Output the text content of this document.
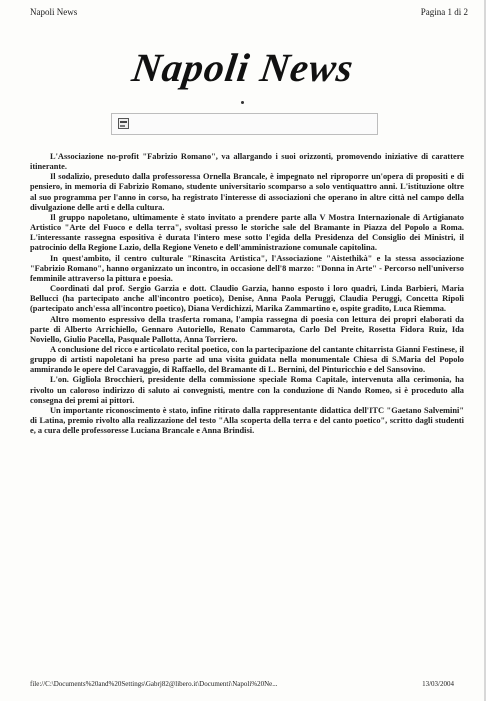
Napoli News	Pagina 1 di 2
Napoli News

L'Associazione no-profit "Fabrizio Romano", va allargando i suoi orizzonti, promovendo iniziative di carattere itinerante.

Il sodalizio, preseduto dalla professoressa Ornella Brancale, è impegnato nel riproporre un'opera di propositi e di pensiero, in memoria di Fabrizio Romano, studente universitario scomparso a solo ventiquattro anni. L'istituzione oltre al suo programma per l'anno in corso, ha registrato l'interesse di associazioni che operano in altre città nel campo della divulgazione delle arti e della cultura.

Il gruppo napoletano, ultimamente è stato invitato a prendere parte alla V Mostra Internazionale di Artigianato Artistico "Arte del Fuoco e della terra", svoltasi presso le storiche sale del Bramante in Piazza del Popolo a Roma. L'interessante rassegna espositiva è durata l'intero mese sotto l'egida della Presidenza del Consiglio dei Ministri, il patrocinio della Regione Lazio, della Regione Veneto e dell'amministrazione comunale capitolina.

In quest'ambito, il centro culturale "Rinascita Artistica", l'Associazione "Aistethikà" e la stessa associazione "Fabrizio Romano", hanno organizzato un incontro, in occasione dell'8 marzo: "Donna in Arte" - Percorso nell'universo femminile attraverso la pittura e poesia.

Coordinati dal prof. Sergio Garzia e dott. Claudio Garzia, hanno esposto i loro quadri, Linda Barbieri, Maria Bellucci (ha partecipato anche all'incontro poetico), Denise, Anna Paola Peruggi, Claudia Peruggi, Concetta Ripoli (partecipato anch'essa all'incontro poetico), Diana Verdichizzi, Marika Zammartino e, ospite gradito, Luca Riemma.

Altro momento espressivo della trasferta romana, l'ampia rassegna di poesia con lettura dei propri elaborati da parte di Alberto Arrichiello, Gennaro Autoriello, Renato Cammarota, Carlo Del Preite, Rosetta Fidora Ruiz, Ida Noviello, Giulio Pacella, Pasquale Pallotta, Anna Torriero.

A conclusione del ricco e articolato recital poetico, con la partecipazione del cantante chitarrista Gianni Festinese, il gruppo di artisti napoletani ha preso parte ad una visita guidata nella monumentale Chiesa di S.Maria del Popolo ammirando le opere del Caravaggio, di Raffaello, del Bramante di L. Bernini, del Pinturicchio e del Sansovino.

L'on. Gigliola Brocchieri, presidente della commissione speciale Roma Capitale, intervenuta alla cerimonia, ha rivolto un caloroso indirizzo di saluto ai convegnisti, mentre con la conduzione di Nando Romeo, si è proceduto alla consegna dei premi ai pittori.

Un importante riconoscimento è stato, infine ritirato dalla rappresentante didattica dell'ITC "Gaetano Salvemini" di Latina, premio rivolto alla realizzazione del testo "Alla scoperta della terra e del canto poetico", scritto dagli studenti e, a cura delle professoresse Luciana Brancale e Anna Brindisi.

file://C:\Documents%20and%20Settings\Gabrj82@libero.it\Documenti\Napoli%20Ne...	13/03/2004
